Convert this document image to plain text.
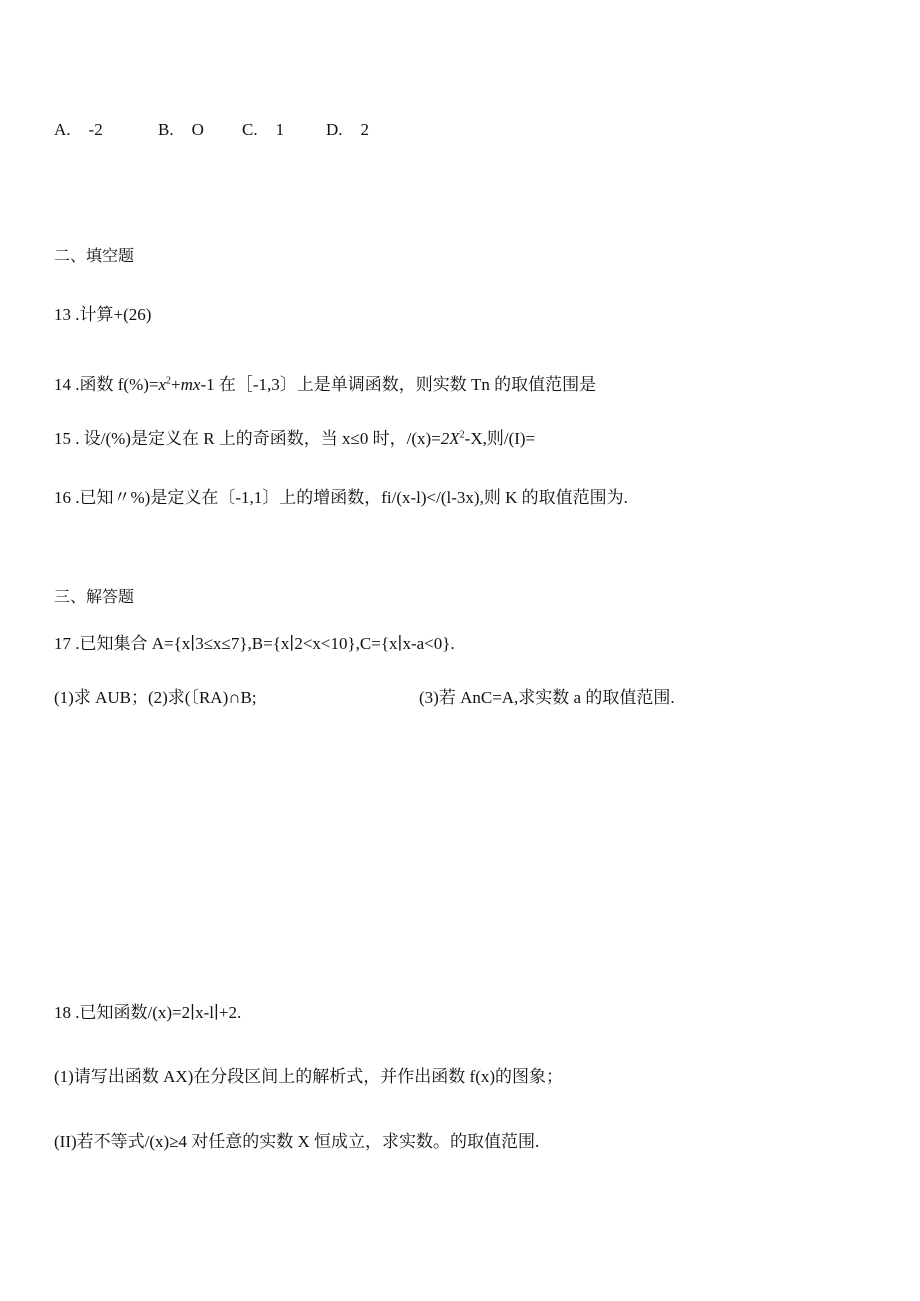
A. -2	B. O C. 1 D. 2
二、填空题
13 .计算+(26)
14 .函数 $f(\%)=x^2+mx-1$ 在［-1,3〕上是单调函数，则实数 Tn 的取值范围是
15 . 设/(%)是定义在 R 上的奇函数，当 x≤0 时，$/(x)=2X^2-X$,则/(I)=
16 .已知〃%)是定义在〔-1,1〕上的增函数，fi/(x-l)</(l-3x),则 K 的取值范围为.
三、解答题
17 .已知集合 A={x∣3≤x≤7},B={x∣2<x<10},C={x∣x-a<0}.
(1)求 AUB；(2)求(〔RA)∩B;	(3)若 AnC=A,求实数 a 的取值范围.
18 .已知函数/(x)=2∣x-l∣+2.
(1)请写出函数 AX)在分段区间上的解析式，并作出函数 f(x)的图象；
(II)若不等式/(x)≥4 对任意的实数 X 恒成立，求实数。的取值范围.
